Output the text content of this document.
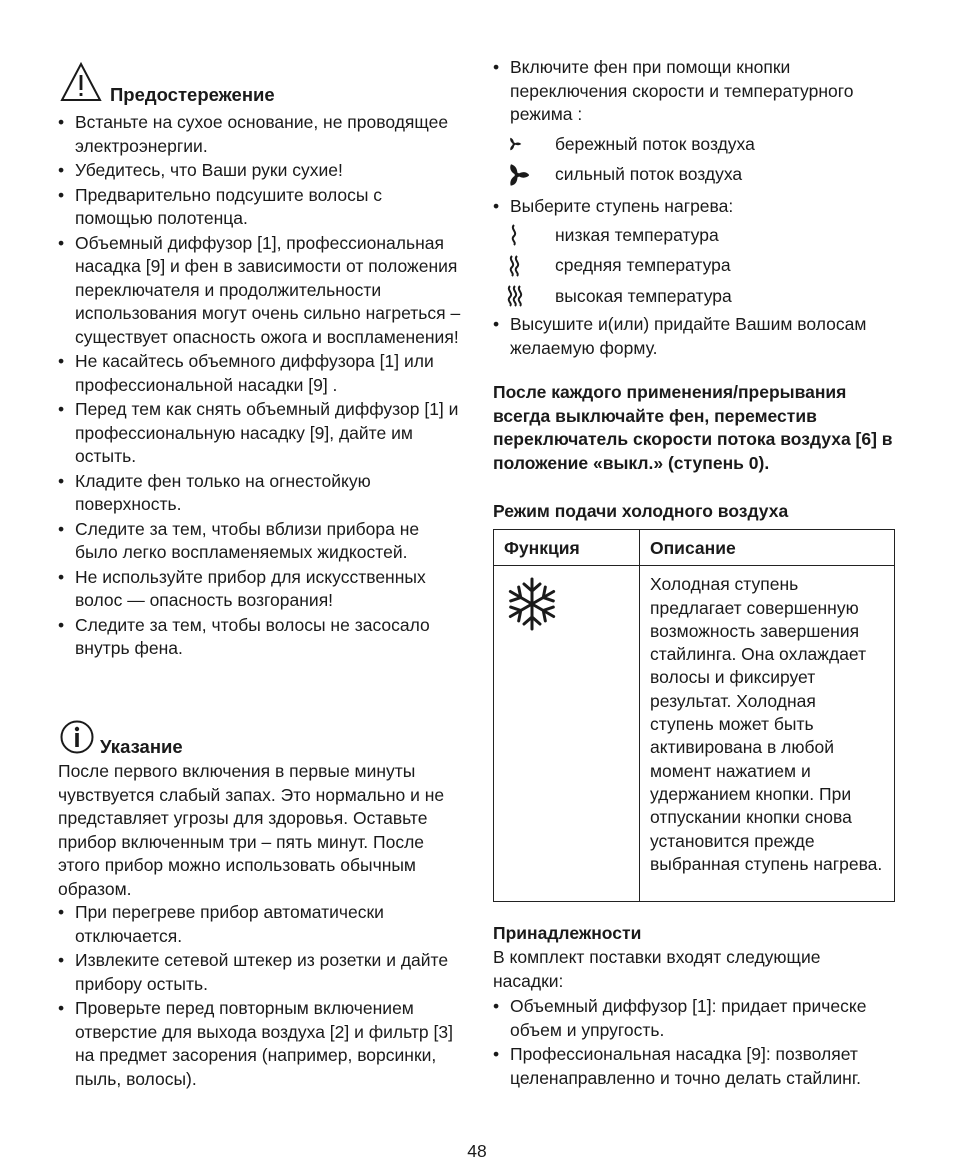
Предостережение
• Встаньте на сухое основание, не проводящее электроэнергии.
• Убедитесь, что Ваши руки сухие!
• Предварительно подсушите волосы с помощью полотенца.
• Объемный диффузор [1], профессиональная насадка [9] и фен в зависимости от положения переключателя и продолжительности использования могут очень сильно нагреться – существует опасность ожога и воспламенения!
• Не касайтесь объемного диффузора [1] или профессиональной насадки [9] .
• Перед тем как снять объемный диффузор [1] и профессиональную насадку [9], дайте им остыть.
• Кладите фен только на огнестойкую поверхность.
• Следите за тем, чтобы вблизи прибора не было легко воспламеняемых жидкостей.
• Не используйте прибор для искусственных волос — опасность возгорания!
• Следите за тем, чтобы волосы не засосало внутрь фена.
Указание

После первого включения в первые минуты чувствуется слабый запах. Это нормально и не представляет угрозы для здоровья. Оставьте прибор включенным три – пять минут. После этого прибор можно использовать обычным образом.

• При перегреве прибор автоматически отключается.
• Извлеките сетевой штекер из розетки и дайте прибору остыть.
• Проверьте перед повторным включением отверстие для выхода воздуха [2] и фильтр [3] на предмет засорения (например, ворсинки, пыль, волосы).
• Включите фен при помощи кнопки переключения скорости и температурного режима :
бережный поток воздуха
сильный поток воздуха
• Выберите ступень нагрева:
низкая температура
средняя температура
высокая температура
• Высушите и(или) придайте Вашим волосам желаемую форму.

После каждого применения/прерывания всегда выключайте фен, переместив переключатель скорости потока воздуха [6] в положение «выкл.» (ступень 0).

Режим подачи холодного воздуха

Функция	Описание
	Холодная ступень предлагает совершенную возможность завершения стайлинга. Она охлаждает волосы и фиксирует результат. Холодная ступень может быть активирована в любой момент нажатием и удержанием кнопки. При отпускании кнопки снова установится прежде выбранная ступень нагрева.

Принадлежности

В комплект поставки входят следующие насадки:

• Объемный диффузор [1]: придает прическе объем и упругость.
• Профессиональная насадка [9]: позволяет целенаправленно и точно делать стайлинг.
48
